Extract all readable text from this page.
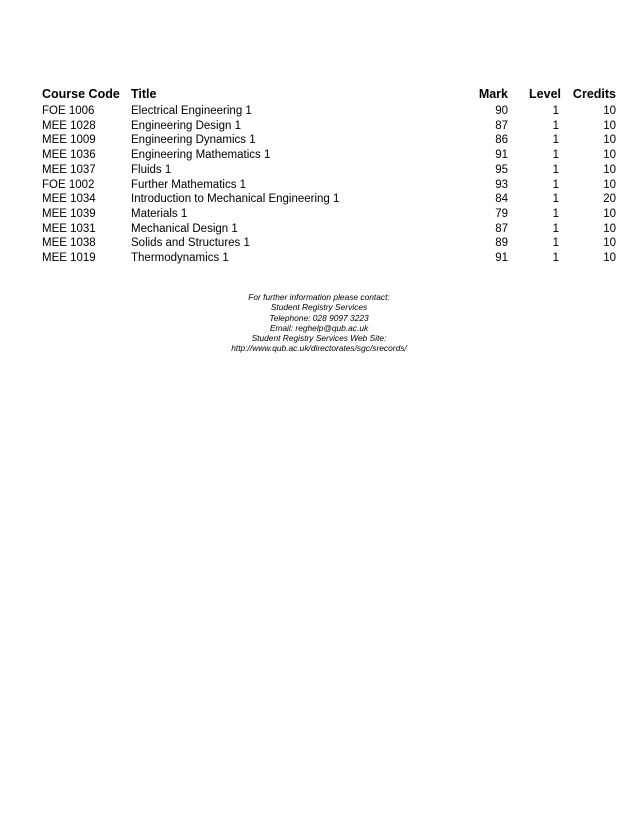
Course Code	Title	Mark	Level	Credits
FOE 1006	Electrical Engineering 1	90	1	10
MEE 1028	Engineering Design 1	87	1	10
MEE 1009	Engineering Dynamics 1	86	1	10
MEE 1036	Engineering Mathematics 1	91	1	10
MEE 1037	Fluids 1	95	1	10
FOE 1002	Further Mathematics 1	93	1	10
MEE 1034	Introduction to Mechanical Engineering 1	84	1	20
MEE 1039	Materials 1	79	1	10
MEE 1031	Mechanical Design 1	87	1	10
MEE 1038	Solids and Structures 1	89	1	10
MEE 1019	Thermodynamics 1	91	1	10
For further information please contact:
Student Registry Services
Telephone: 028 9097 3223
Email: reghelp@qub.ac.uk
Student Registry Services Web Site:
http://www.qub.ac.uk/directorates/sgc/srecords/
